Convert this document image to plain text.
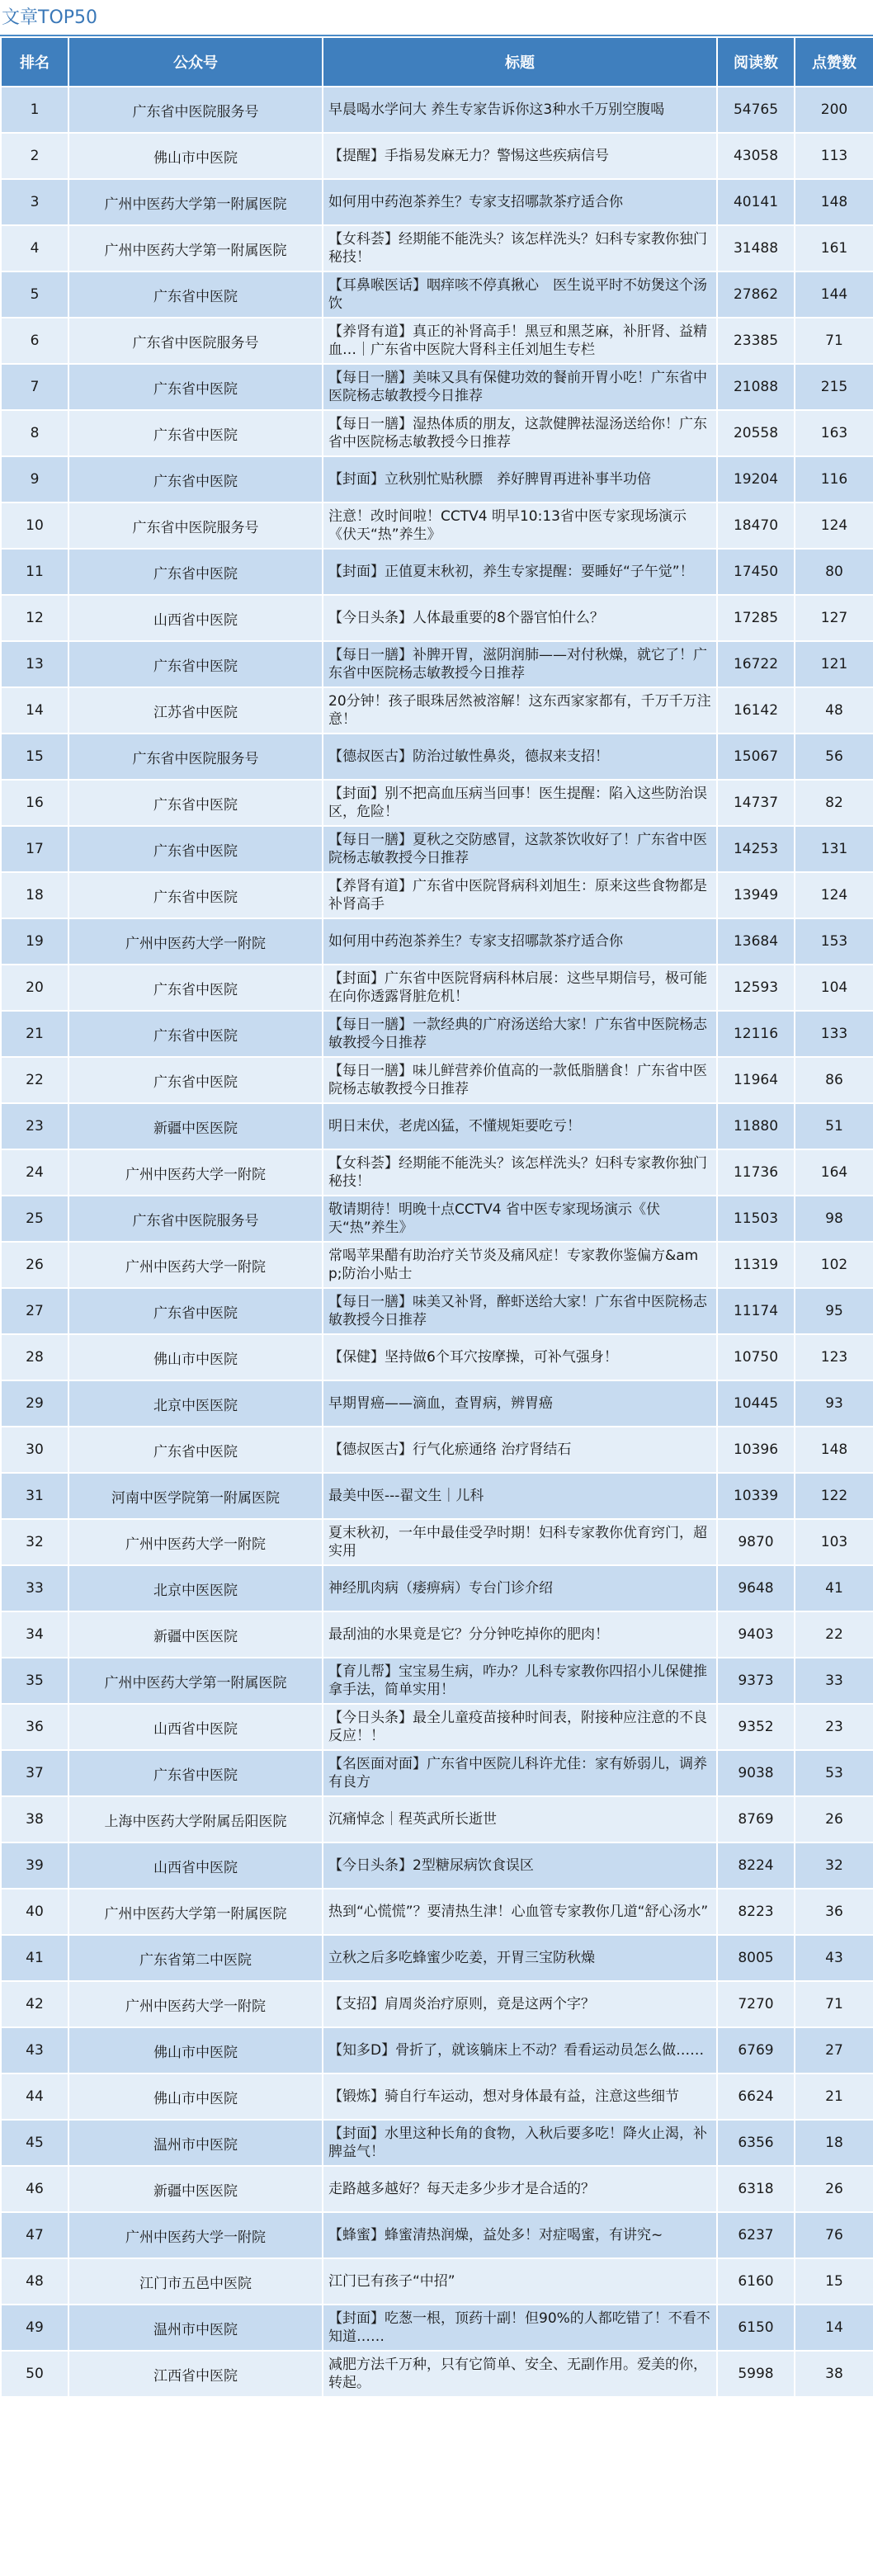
文章TOP50
排名	公众号	标题	阅读数	点赞数
1	广东省中医院服务号	早晨喝水学问大 养生专家告诉你这3种水千万别空腹喝	54765	200
2	佛山市中医院	【提醒】手指易发麻无力？警惕这些疾病信号	43058	113
3	广州中医药大学第一附属医院	如何用中药泡茶养生？专家支招哪款茶疗适合你	40141	148
4	广州中医药大学第一附属医院	【女科荟】经期能不能洗头？该怎样洗头？妇科专家教你独门秘技！	31488	161
5	广东省中医院	【耳鼻喉医话】咽痒咳不停真揪心　医生说平时不妨煲这个汤饮	27862	144
6	广东省中医院服务号	【养肾有道】真正的补肾高手！黑豆和黑芝麻，补肝肾、益精血…｜广东省中医院大肾科主任刘旭生专栏	23385	71
7	广东省中医院	【每日一膳】美味又具有保健功效的餐前开胃小吃！广东省中医院杨志敏教授今日推荐	21088	215
8	广东省中医院	【每日一膳】湿热体质的朋友，这款健脾祛湿汤送给你！广东省中医院杨志敏教授今日推荐	20558	163
9	广东省中医院	【封面】立秋别忙贴秋膘　养好脾胃再进补事半功倍	19204	116
10	广东省中医院服务号	注意！改时间啦！CCTV4 明早10:13省中医专家现场演示《伏天“热”养生》	18470	124
11	广东省中医院	【封面】正值夏末秋初，养生专家提醒：要睡好“子午觉”！	17450	80
12	山西省中医院	【今日头条】人体最重要的8个器官怕什么？	17285	127
13	广东省中医院	【每日一膳】补脾开胃，滋阴润肺——对付秋燥，就它了！广东省中医院杨志敏教授今日推荐	16722	121
14	江苏省中医院	20分钟！孩子眼珠居然被溶解！这东西家家都有，千万千万注意！	16142	48
15	广东省中医院服务号	【德叔医古】防治过敏性鼻炎，德叔来支招！	15067	56
16	广东省中医院	【封面】别不把高血压病当回事！医生提醒：陷入这些防治误区，危险！	14737	82
17	广东省中医院	【每日一膳】夏秋之交防感冒，这款茶饮收好了！广东省中医院杨志敏教授今日推荐	14253	131
18	广东省中医院	【养肾有道】广东省中医院肾病科刘旭生：原来这些食物都是补肾高手	13949	124
19	广州中医药大学一附院	如何用中药泡茶养生？专家支招哪款茶疗适合你	13684	153
20	广东省中医院	【封面】广东省中医院肾病科林启展：这些早期信号，极可能在向你透露肾脏危机！	12593	104
21	广东省中医院	【每日一膳】一款经典的广府汤送给大家！广东省中医院杨志敏教授今日推荐	12116	133
22	广东省中医院	【每日一膳】味儿鲜营养价值高的一款低脂膳食！广东省中医院杨志敏教授今日推荐	11964	86
23	新疆中医医院	明日末伏，老虎凶猛，不懂规矩要吃亏！	11880	51
24	广州中医药大学一附院	【女科荟】经期能不能洗头？该怎样洗头？妇科专家教你独门秘技！	11736	164
25	广东省中医院服务号	敬请期待！明晚十点CCTV4 省中医专家现场演示《伏天“热”养生》	11503	98
26	广州中医药大学一附院	常喝苹果醋有助治疗关节炎及痛风症！专家教你鉴偏方&amp;防治小贴士	11319	102
27	广东省中医院	【每日一膳】味美又补肾，醉虾送给大家！广东省中医院杨志敏教授今日推荐	11174	95
28	佛山市中医院	【保健】坚持做6个耳穴按摩操，可补气强身！	10750	123
29	北京中医医院	早期胃癌——滴血，查胃病，辨胃癌	10445	93
30	广东省中医院	【德叔医古】行气化瘀通络 治疗肾结石	10396	148
31	河南中医学院第一附属医院	最美中医---翟文生｜儿科	10339	122
32	广州中医药大学一附院	夏末秋初，一年中最佳受孕时期！妇科专家教你优育窍门，超实用	9870	103
33	北京中医医院	神经肌肉病（痿痹病）专台门诊介绍	9648	41
34	新疆中医医院	最刮油的水果竟是它？分分钟吃掉你的肥肉！	9403	22
35	广州中医药大学第一附属医院	【育儿帮】宝宝易生病，咋办？儿科专家教你四招小儿保健推拿手法，简单实用！	9373	33
36	山西省中医院	【今日头条】最全儿童疫苗接种时间表，附接种应注意的不良反应！！	9352	23
37	广东省中医院	【名医面对面】广东省中医院儿科许尤佳：家有娇弱儿，调养有良方	9038	53
38	上海中医药大学附属岳阳医院	沉痛悼念｜程英武所长逝世	8769	26
39	山西省中医院	【今日头条】2型糖尿病饮食误区	8224	32
40	广州中医药大学第一附属医院	热到“心慌慌”？要清热生津！心血管专家教你几道“舒心汤水”	8223	36
41	广东省第二中医院	立秋之后多吃蜂蜜少吃姜，开胃三宝防秋燥	8005	43
42	广州中医药大学一附院	【支招】肩周炎治疗原则，竟是这两个字？	7270	71
43	佛山市中医院	【知多D】骨折了，就该躺床上不动？看看运动员怎么做……	6769	27
44	佛山市中医院	【锻炼】骑自行车运动，想对身体最有益，注意这些细节	6624	21
45	温州市中医院	【封面】水里这种长角的食物，入秋后要多吃！降火止渴，补脾益气！	6356	18
46	新疆中医医院	走路越多越好？每天走多少步才是合适的？	6318	26
47	广州中医药大学一附院	【蜂蜜】蜂蜜清热润燥，益处多！对症喝蜜，有讲究~	6237	76
48	江门市五邑中医院	江门已有孩子“中招”	6160	15
49	温州市中医院	【封面】吃葱一根，顶药十副！但90%的人都吃错了！不看不知道……	6150	14
50	江西省中医院	减肥方法千万种，只有它简单、安全、无副作用。爱美的你，转起。	5998	38
